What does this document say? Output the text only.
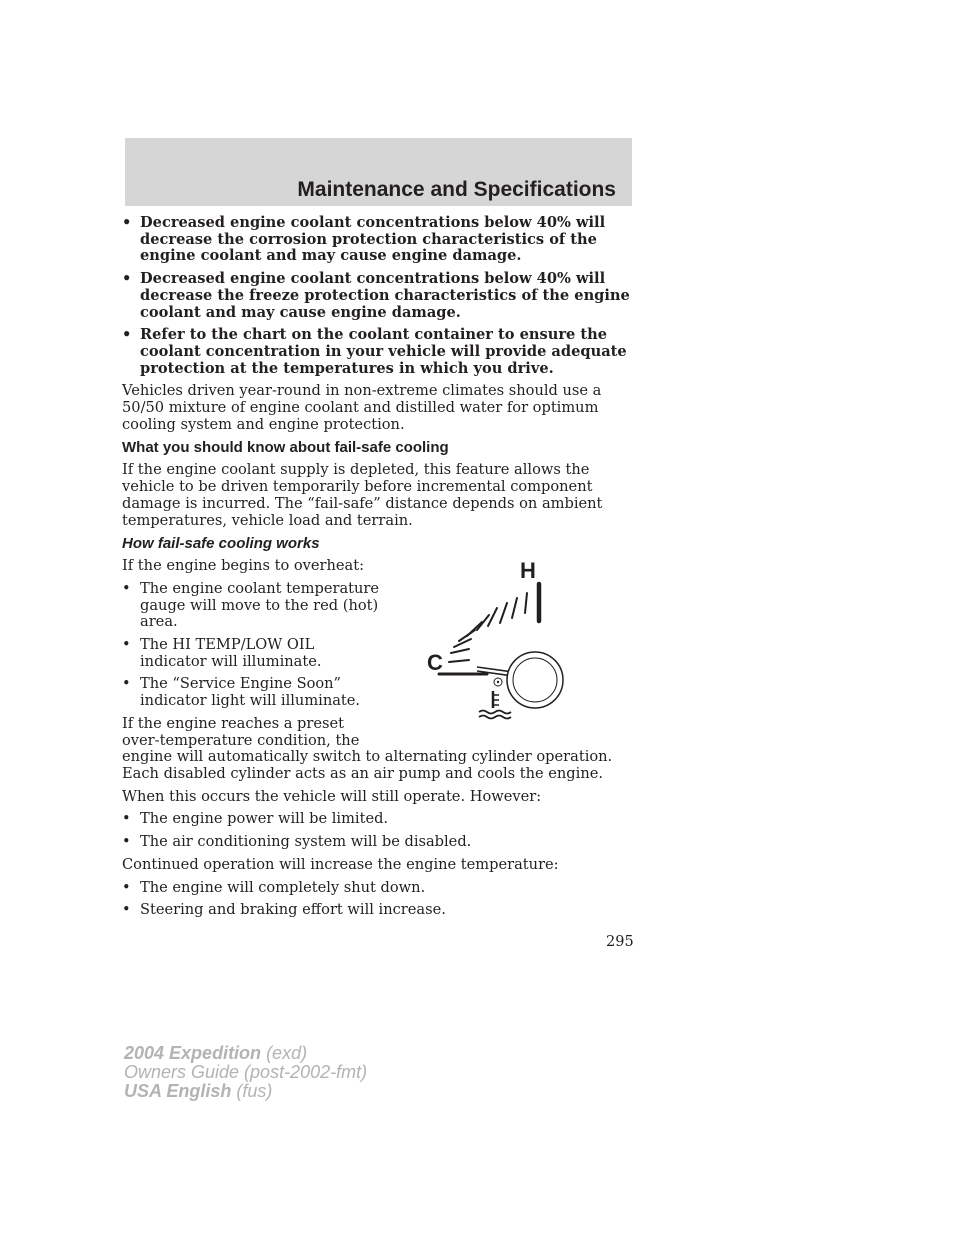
Maintenance and Specifications
• Decreased engine coolant concentrations below 40% will decrease the corrosion protection characteristics of the engine coolant and may cause engine damage.
• Decreased engine coolant concentrations below 40% will decrease the freeze protection characteristics of the engine coolant and may cause engine damage.
• Refer to the chart on the coolant container to ensure the coolant concentration in your vehicle will provide adequate protection at the temperatures in which you drive.

Vehicles driven year-round in non-extreme climates should use a 50/50 mixture of engine coolant and distilled water for optimum cooling system and engine protection.

What you should know about fail-safe cooling

If the engine coolant supply is depleted, this feature allows the vehicle to be driven temporarily before incremental component damage is incurred. The “fail-safe” distance depends on ambient temperatures, vehicle load and terrain.

How fail-safe cooling works

If the engine begins to overheat:

• The engine coolant temperature gauge will move to the red (hot) area.
• The HI TEMP/LOW OIL indicator will illuminate.
• The “Service Engine Soon” indicator light will illuminate.

If the engine reaches a preset over-temperature condition, the

engine will automatically switch to alternating cylinder operation. Each disabled cylinder acts as an air pump and cools the engine.

When this occurs the vehicle will still operate. However:

• The engine power will be limited.
• The air conditioning system will be disabled.

Continued operation will increase the engine temperature:

• The engine will completely shut down.
• Steering and braking effort will increase.
H
C
295
2004 Expedition (exd)
Owners Guide (post-2002-fmt)
USA English (fus)
